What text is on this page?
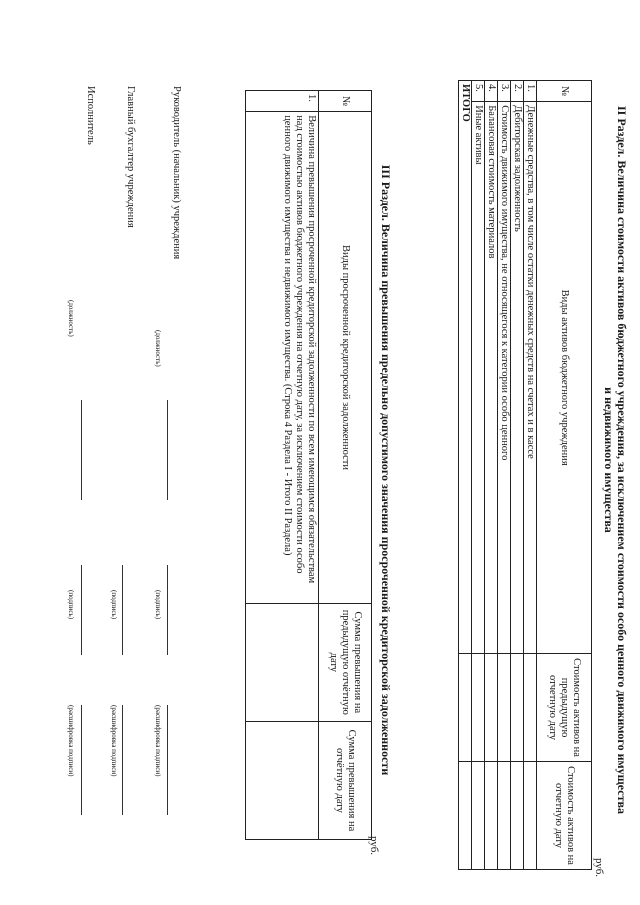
II Раздел. Величина стоимости активов бюджетного учреждения, за исключением стоимости особо ценного движимого имущества
и недвижимого имущества
руб.
№	Виды активов бюджетного учреждения	Стоимость активов на предыдущую отчетную дату	Стоимость активов на отчетную дату
1.	Денежные средства, в том числе остатки денежных средств на счетах и в кассе		
2.	Дебиторская задолженность		
3.	Стоимость движимого имущества, не относящегося к категории особо ценного		
4.	Балансовая стоимость материалов		
5.	Иные активы		
ИТОГО			
III Раздел. Величина превышения предельно допустимого значения просроченной кредиторской задолженности
руб.
№	Виды просроченной кредиторской задолженности	Сумма превышения на предыдущую отчётную дату	Сумма превышения на отчётную дату
1.	Величина превышения просроченной кредиторской задолженности по всем имеющимся обязательствам над стоимостью активов бюджетного учреждения на отчетную дату, за исключением стоимости особо ценного движимого имущества и недвижимого имущества. (Строка 4 Раздела I - Итого II Раздела)		
Руководитель (начальник) учреждения
(должность)
(подпись)
(расшифровка подписи)
Главный бухгалтер учреждения
(подпись)
(расшифровка подписи)
Исполнитель
(должность)
(подпись)
(расшифровка подписи)
